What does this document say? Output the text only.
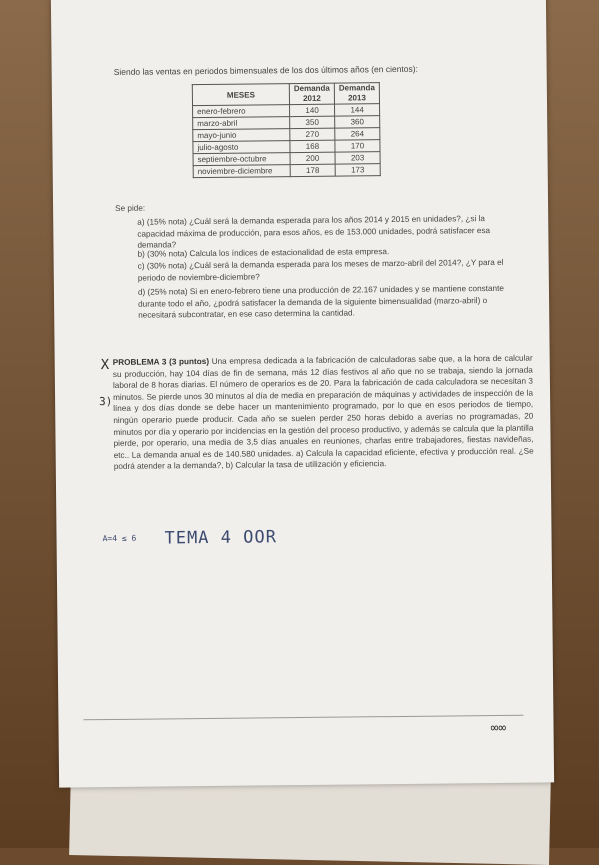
Siendo las ventas en periodos bimensuales de los dos últimos años (en cientos):
MESES	Demanda 2012	Demanda 2013
enero-febrero	140	144
marzo-abril	350	360
mayo-junio	270	264
julio-agosto	168	170
septiembre-octubre	200	203
noviembre-diciembre	178	173
Se pide:
a) (15% nota) ¿Cuál será la demanda esperada para los años 2014 y 2015 en unidades?, ¿si la capacidad máxima de producción, para esos años, es de 153.000 unidades, podrá satisfacer esa demanda?
b) (30% nota) Calcula los índices de estacionalidad de esta empresa.
c) (30% nota) ¿Cuál será la demanda esperada para los meses de marzo-abril del 2014?, ¿Y para el periodo de noviembre-diciembre?
d) (25% nota) Si en enero-febrero tiene una producción de 22.167 unidades y se mantiene constante durante todo el año, ¿podrá satisfacer la demanda de la siguiente bimensualidad (marzo-abril) o necesitará subcontratar, en ese caso determina la cantidad.
PROBLEMA 3 (3 puntos) Una empresa dedicada a la fabricación de calculadoras sabe que, a la hora de calcular su producción, hay 104 días de fin de semana, más 12 días festivos al año que no se trabaja, siendo la jornada laboral de 8 horas diarias. El número de operarios es de 20. Para la fabricación de cada calculadora se necesitan 3 minutos. Se pierde unos 30 minutos al día de media en preparación de máquinas y actividades de inspección de la línea y dos días donde se debe hacer un mantenimiento programado, por lo que en esos periodos de tiempo, ningún operario puede producir. Cada año se suelen perder 250 horas debido a averías no programadas, 20 minutos por día y operario por incidencias en la gestión del proceso productivo, y además se calcula que la plantilla pierde, por operario, una media de 3,5 días anuales en reuniones, charlas entre trabajadores, fiestas navideñas, etc.. La demanda anual es de 140.580 unidades. a) Calcula la capacidad eficiente, efectiva y producción real. ¿Se podrá atender a la demanda?, b) Calcular la tasa de utilización y eficiencia.
X
3)
A=4 ≤ 6 TEMA 4 OOR
∞∞
